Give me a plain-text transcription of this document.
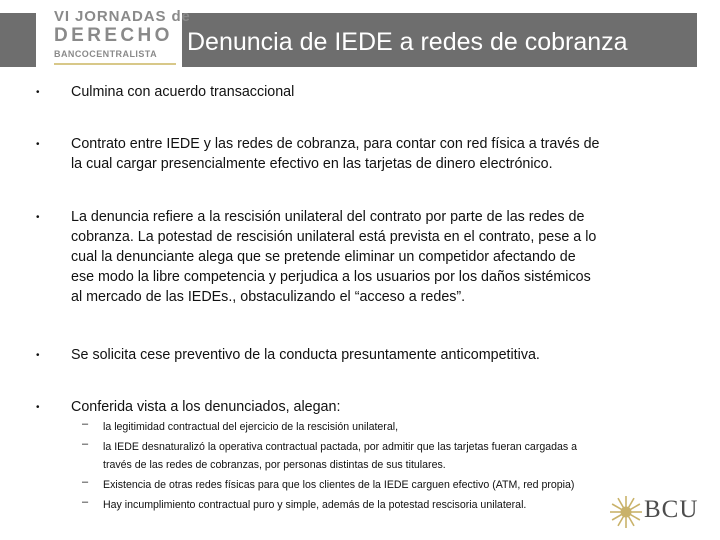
VI JORNADAS de
DERECHO
BANCOCENTRALISTA Denuncia de IEDE a redes de cobranza
• Culmina con acuerdo transaccional
• Contrato entre IEDE y las redes de cobranza, para contar con red física a través de
la cual cargar presencialmente efectivo en las tarjetas de dinero electrónico.
• La denuncia refiere a la rescisión unilateral del contrato por parte de las redes de
cobranza. La potestad de rescisión unilateral está prevista en el contrato, pese a lo
cual la denunciante alega que se pretende eliminar un competidor afectando de
ese modo la libre competencia y perjudica a los usuarios por los daños sistémicos
al mercado de las IEDEs., obstaculizando el “acceso a redes”.
• Se solicita cese preventivo de la conducta presuntamente anticompetitiva.
• Conferida vista a los denunciados, alegan:
– la legitimidad contractual del ejercicio de la rescisión unilateral,
– la IEDE desnaturalizó la operativa contractual pactada, por admitir que las tarjetas fueran cargadas a
través de las redes de cobranzas, por personas distintas de sus titulares.
– Existencia de otras redes físicas para que los clientes de la IEDE carguen efectivo (ATM, red propia)
– Hay incumplimiento contractual puro y simple, además de la potestad rescisoria unilateral.	BCU
